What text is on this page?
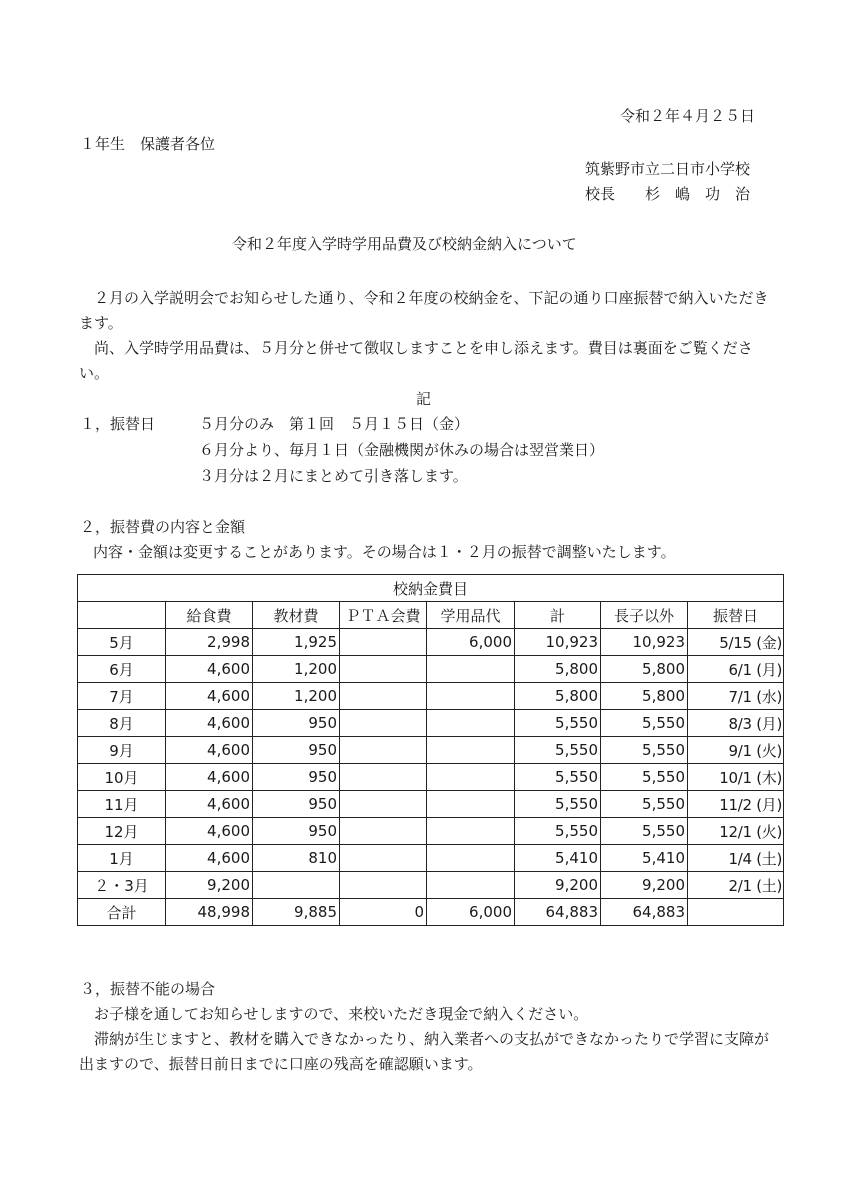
令和２年４月２５日
１年生　保護者各位
筑紫野市立二日市小学校
校長　　杉　嶋　功　治
令和２年度入学時学用品費及び校納金納入について
　２月の入学説明会でお知らせした通り、令和２年度の校納金を、下記の通り口座振替で納入いただきます。
　尚、入学時学用品費は、５月分と併せて徴収しますことを申し添えます。費目は裏面をご覧ください。
記
１，振替日	５月分のみ　第１回　５月１５日（金）
６月分より、毎月１日（金融機関が休みの場合は翌営業日）
３月分は２月にまとめて引き落します。
２，振替費の内容と金額
内容・金額は変更することがあります。その場合は１・２月の振替で調整いたします。
校納金費目							
	給食費	教材費	ＰＴＡ会費	学用品代	計	長子以外	振替日
5月	2,998	1,925		6,000	10,923	10,923	5/15 (金)
6月	4,600	1,200			5,800	5,800	6/1 (月)
7月	4,600	1,200			5,800	5,800	7/1 (水)
8月	4,600	950			5,550	5,550	8/3 (月)
9月	4,600	950			5,550	5,550	9/1 (火)
10月	4,600	950			5,550	5,550	10/1 (木)
11月	4,600	950			5,550	5,550	11/2 (月)
12月	4,600	950			5,550	5,550	12/1 (火)
1月	4,600	810			5,410	5,410	1/4 (土)
２・3月	9,200				9,200	9,200	2/1 (土)
合計	48,998	9,885	0	6,000	64,883	64,883	
３，振替不能の場合
　お子様を通してお知らせしますので、来校いただき現金で納入ください。
　滞納が生じますと、教材を購入できなかったり、納入業者への支払ができなかったりで学習に支障が出ますので、振替日前日までに口座の残高を確認願います。
